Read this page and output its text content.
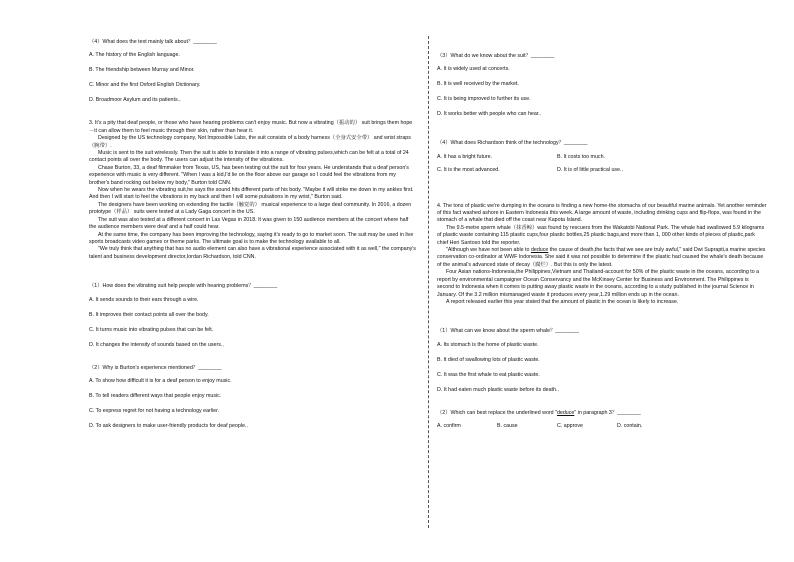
（4）What does the text mainly talk about？________
A. The history of the English language.
B. The friendship between Murray and Minor.
C. Minor and the first Oxford English Dictionary.
D. Broadmoor Asylum and its patients.．

3. It's a pity that deaf people, or those who have hearing problems can't enjoy music. But now a vibrating（振动的） suit brings them hope－it can allow them to feel music through their skin, rather than hear it.

Designed by the US technology company, Not Impossible Labs, the suit consists of a body harness（全身式安全带） and wrist straps（腕带）.

Music is sent to the suit wirelessly. Then the suit is able to translate it into a range of vibrating pulses,which can be felt at a total of 24 contact points all over the body. The users can adjust the intensity of the vibrations.

Chase Burton, 33, a deaf filmmaker from Texas, US, has been testing out the suit for four years. He understands that a deaf person's experience with music is very different. "When I was a kid,I'd lie on the floor above our garage so I could feel the vibrations from my brother's band rocking out below my body," Burton told CNN.

Now when he wears the vibrating suit,he says the sound hits different parts of his body. "Maybe it will strike me down in my ankles first. And then I will start to feel the vibrations in my back and then I will some pulsations in my wrist," Burton said.

The designers have been working on extending the tactile（触觉的） musical experience to a large deaf community. In 2016, a dozen prototype（样品） suits were tested at a Lady Gaga concert in the US.

The suit was also tested at a different concert in Las Vegas in 2018. It was given to 150 audience members at the concert where half the audience members were deaf and a half could hear.

At the same time, the company has been improving the technology, saying it's ready to go to market soon. The suit may be used in live sports broadcasts video games or theme parks. The ultimate goal is to make the technology available to all.

"We truly think that anything that has no audio element can also have a vibrational experience associated with it as well," the company's talent and business development director,Iordan Richardson, told CNN.

（1）How does the vibrating suit help people with hearing problems？________
A. It sends sounds to their ears through a wire.
B. It improves their contact points all over the body.
C. It turns music into vibrating pulses that can be felt.
D. It changes the intensity of sounds based on the users.．
（2）Why is Burton's experience mentioned？________
A. To show how difficult it is for a deaf person to enjoy music.
B. To tell readers different ways that people enjoy music.
C. To express regret for not having a technology earlier.
D. To ask designers to make user-friendly products for deaf people.．
（3）What do we know about the suit？________
A. It is widely used at concerts.
B. It is well received by the market.
C. It is being improved to further its use.
D. It works better with people who can hear.．
（4）What does Richardson think of the technology？________
A. It has a bright future.	B. It costs too much.
C. It is the most advanced.	D. It is of little practical use.．

4. The tons of plastic we're dumping in the oceans is finding a new home-the stomachs of our beautiful marine animals. Yet another reminder of this fact washed ashore in Eastern Indonesia this week. A large amount of waste, including drinking cups and flip-flops, was found in the stomach of a whale that died off the coast near Kapota Island.

The 9.5-metre sperm whale（抹香鲸）was found by rescuers from the Wakatobi National Park. The whale had swallowed 5.9 kilograms of plastic waste containing 115 plastic cups,four plastic bottles,25 plastic bags,and more than 1, 000 other kinds of pieces of plastic,park chief Heri Santoso told the reporter.

"Although we have not been able to deduce the cause of death,the facts that we see are truly awful," said Dwi Suprapti,a marine species conservation co-ordinator at WWF Indonesia. She said it was not possible to determine if the plastic had caused the whale's death because of the animal's advanced state of decay（腐烂）. But this is only the latest.

Four Asian nations-Indonesia,the Philippines,Vietnam and Thailand-account for 50% of the plastic waste in the oceans, according to a report by environmental campaigner Ocean Conservancy and the McKinsey Center for Business and Environment. The Philippines is second to Indonesia when it comes to putting away plastic waste in the oceans, according to a study published in the journal Science in January. Of the 3.2 million mismanaged waste it produces every year,1.29 million ends up in the ocean.

A report released earlier this year stated that the amount of plastic in the ocean is likely to increase.

（1）What can we know about the sperm whale？________
A. Its stomach is the home of plastic waste.
B. It died of swallowing lots of plastic waste.
C. It was the first whale to eat plastic waste.
D. It had eaten much plastic waste before its death.．
（2）Which can best replace the underlined word "deduce" in paragraph 3？________
A. confirm	B. cause	C. approve	D. contain．
